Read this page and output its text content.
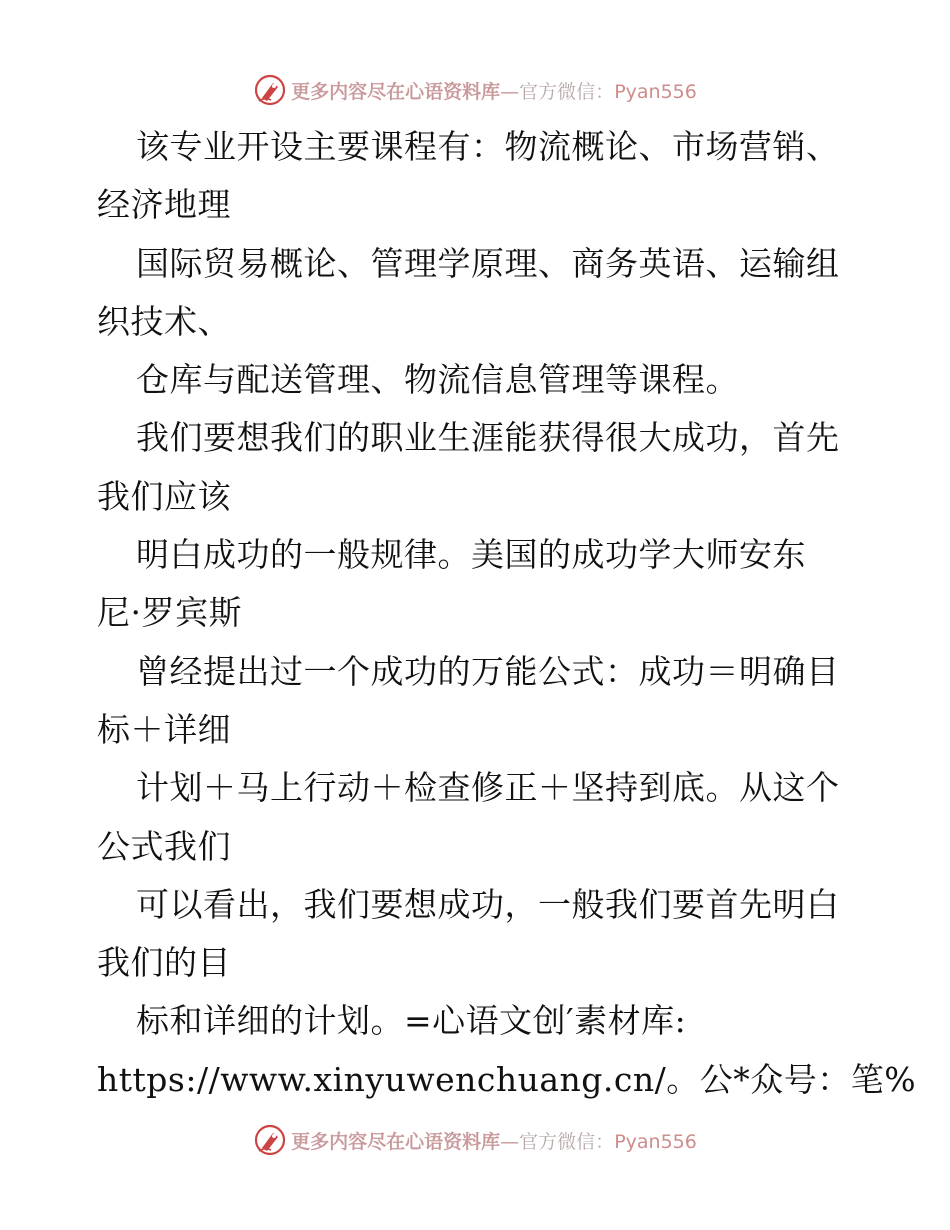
更多内容尽在心语资料库—官方微信：Pyan556
该专业开设主要课程有：物流概论、市场营销、
经济地理
国际贸易概论、管理学原理、商务英语、运输组
织技术、
仓库与配送管理、物流信息管理等课程。
我们要想我们的职业生涯能获得很大成功，首先
我们应该
明白成功的一般规律。美国的成功学大师安东
尼·罗宾斯
曾经提出过一个成功的万能公式：成功＝明确目
标＋详细
计划＋马上行动＋检查修正＋坚持到底。从这个
公式我们
可以看出，我们要想成功，一般我们要首先明白
我们的目
标和详细的计划。=心语文创′素材库:
https://www.xinyuwenchuang.cn/。公*众号：笔%
更多内容尽在心语资料库—官方微信：Pyan556
